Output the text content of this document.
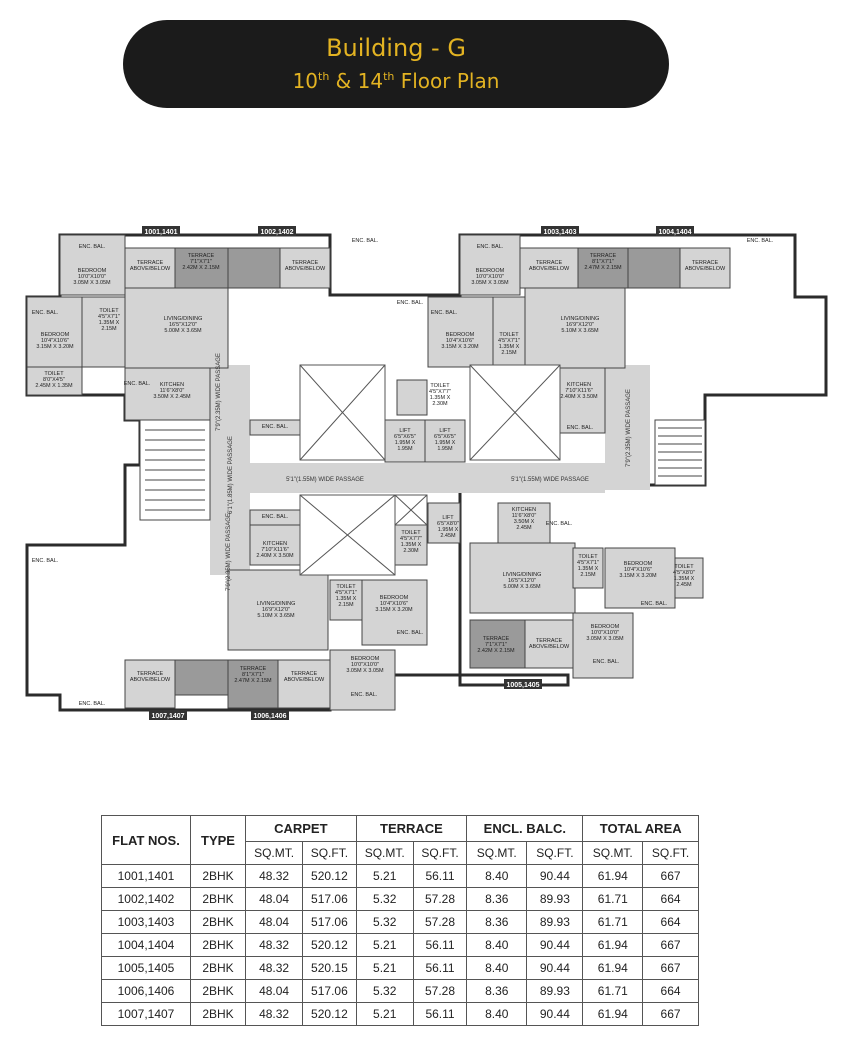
Building - G
10th & 14th Floor Plan
1001,1401	1002,1402	1003,1403	1004,1404
1005,1405
1006,1406
1007,1407
5'1"(1.55M) WIDE PASSAGE	5'1"(1.55M) WIDE PASSAGE
6'1"(1.85M) WIDE PASSAGE
7'9"(2.35M) WIDE PASSAGE	7'9"(2.35M) WIDE PASSAGE
7'9"(2.35M) WIDE PASSAGE
ENC. BAL.
BEDROOM 10'0"X10'0" 3.05M X 3.05M
TERRACE ABOVE/BELOW
TERRACE 7'1"X7'1" 2.42M X 2.15M
TERRACE ABOVE/BELOW
ENC. BAL.
BEDROOM 10'4"X10'6" 3.15M X 3.20M
TOILET 4'5"X7'1" 1.35M X 2.15M
LIVING/DINING 16'5"X12'0" 5.00M X 3.65M
TOILET 8'0"X4'5" 2.45M X 1.35M	KITCHEN 11'6"X8'0" 3.50M X 2.45M
ENC. BAL.
ENC. BAL.
ENC. BAL.
BEDROOM 10'0"X10'0" 3.05M X 3.05M
TERRACE ABOVE/BELOW
TERRACE 8'1"X7'1" 2.47M X 2.15M
TERRACE ABOVE/BELOW
ENC. BAL.
BEDROOM 10'4"X10'6" 3.15M X 3.20M
TOILET 4'5"X7'1" 1.35M X 2.15M
LIVING/DINING 16'9"X12'0" 5.10M X 3.65M
KITCHEN 7'10"X11'6" 2.40M X 3.50M
ENC. BAL.
TOILET 4'5"X7'7" 1.35M X 2.30M
LIFT 6'5"X6'5" 1.95M X 1.95M
LIFT 6'5"X6'5" 1.95M X 1.95M
ENC. BAL.
KITCHEN 7'10"X11'6" 2.40M X 3.50M
TOILET 4'5"X7'7" 1.35M X 2.30M
LIFT 6'5"X8'0" 1.95M X 2.45M
KITCHEN 11'6"X8'0" 3.50M X 2.45M
ENC. BAL.
LIVING/DINING 16'9"X12'0" 5.10M X 3.65M
TOILET 4'5"X7'1" 1.35M X 2.15M
BEDROOM 10'4"X10'6" 3.15M X 3.20M
ENC. BAL.
LIVING/DINING 16'5"X12'0" 5.00M X 3.65M
TOILET 4'5"X7'1" 1.35M X 2.15M
BEDROOM 10'4"X10'6" 3.15M X 3.20M
TOILET 4'5"X8'0" 1.35M X 2.45M
ENC. BAL.
BEDROOM 10'0"X10'0" 3.05M X 3.05M
ENC. BAL.
TERRACE 7'1"X7'1" 2.42M X 2.15M
TERRACE ABOVE/BELOW
TERRACE ABOVE/BELOW
TERRACE 8'1"X7'1" 2.47M X 2.15M
TERRACE ABOVE/BELOW
BEDROOM 10'0"X10'0" 3.05M X 3.05M
ENC. BAL.
ENC. BAL.
ENC. BAL.
ENC. BAL.
ENC. BAL.
ENC. BAL.
FLAT NOS.	TYPE	CARPET		TERRACE		ENCL. BALC.		TOTAL AREA	
		SQ.MT.	SQ.FT.	SQ.MT.	SQ.FT.	SQ.MT.	SQ.FT.	SQ.MT.	SQ.FT.
1001,1401	2BHK	48.32	520.12	5.21	56.11	8.40	90.44	61.94	667
1002,1402	2BHK	48.04	517.06	5.32	57.28	8.36	89.93	61.71	664
1003,1403	2BHK	48.04	517.06	5.32	57.28	8.36	89.93	61.71	664
1004,1404	2BHK	48.32	520.12	5.21	56.11	8.40	90.44	61.94	667
1005,1405	2BHK	48.32	520.15	5.21	56.11	8.40	90.44	61.94	667
1006,1406	2BHK	48.04	517.06	5.32	57.28	8.36	89.93	61.71	664
1007,1407	2BHK	48.32	520.12	5.21	56.11	8.40	90.44	61.94	667
